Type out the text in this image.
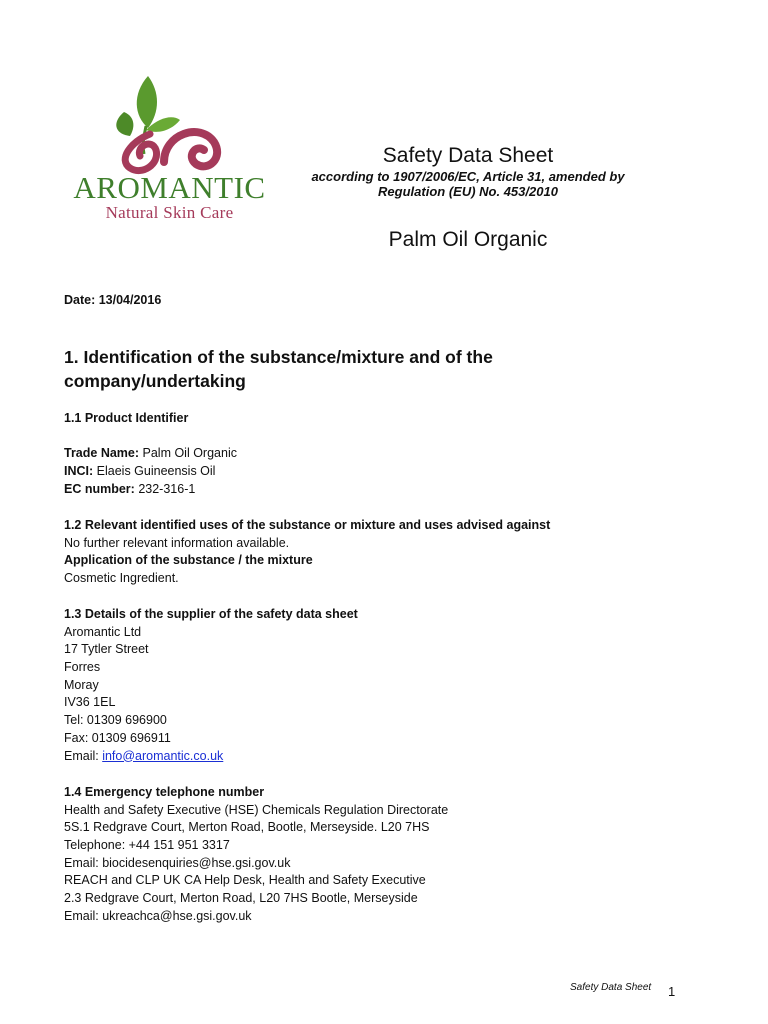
AROMANTIC
Natural Skin Care
Safety Data Sheet
according to 1907/2006/EC, Article 31, amended by
Regulation (EU) No. 453/2010
Palm Oil Organic
Date: 13/04/2016
1. Identification of the substance/mixture and of the
company/undertaking
1.1 Product Identifier
Trade Name: Palm Oil Organic
INCI: Elaeis Guineensis Oil
EC number: 232-316-1
1.2 Relevant identified uses of the substance or mixture and uses advised against
No further relevant information available.
Application of the substance / the mixture
Cosmetic Ingredient.
1.3 Details of the supplier of the safety data sheet
Aromantic Ltd
17 Tytler Street
Forres
Moray
IV36 1EL
Tel: 01309 696900
Fax: 01309 696911
Email: info@aromantic.co.uk
1.4 Emergency telephone number
Health and Safety Executive (HSE) Chemicals Regulation Directorate
5S.1 Redgrave Court, Merton Road, Bootle, Merseyside. L20 7HS
Telephone: +44 151 951 3317
Email: biocidesenquiries@hse.gsi.gov.uk
REACH and CLP UK CA Help Desk, Health and Safety Executive
2.3 Redgrave Court, Merton Road, L20 7HS Bootle, Merseyside
Email: ukreachca@hse.gsi.gov.uk
Safety Data Sheet 1
